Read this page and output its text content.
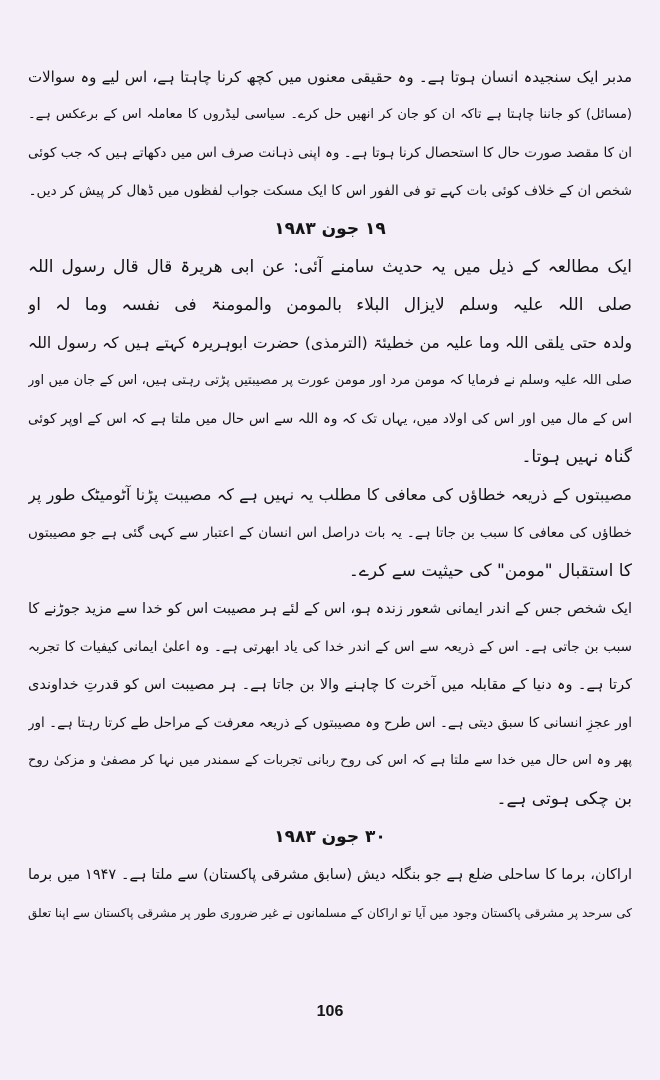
مدبر ایک سنجیدہ انسان ہوتا ہے۔ وہ حقیقی معنوں میں کچھ کرنا چاہتا ہے، اس لیے وہ سوالات
(مسائل) کو جاننا چاہتا ہے تاکہ ان کو جان کر انھیں حل کرے۔ سیاسی لیڈروں کا معاملہ اس کے برعکس ہے۔
ان کا مقصد صورت حال کا استحصال کرنا ہوتا ہے۔ وہ اپنی ذہانت صرف اس میں دکھاتے ہیں کہ جب کوئی
شخص ان کے خلاف کوئی بات کہے تو فی الفور اس کا ایک مسکت جواب لفظوں میں ڈھال کر پیش کر دیں۔
۱۹ جون ۱۹۸۳
ایک مطالعہ کے ذیل میں یہ حدیث سامنے آئی: عن ابی ھریرۃ قال قال رسول اللہ
صلی اللہ علیہ وسلم لایزال البلاء بالمومن والمومنۃ فی نفسہ وما لہ او
ولدہ حتی یلقی اللہ وما علیہ من خطیئۃ (الترمذی) حضرت ابوہریرہ کہتے ہیں کہ رسول اللہ
صلی اللہ علیہ وسلم نے فرمایا کہ مومن مرد اور مومن عورت پر مصیبتیں پڑتی رہتی ہیں، اس کے جان میں اور
اس کے مال میں اور اس کی اولاد میں، یہاں تک کہ وہ اللہ سے اس حال میں ملتا ہے کہ اس کے اوپر کوئی
گناہ نہیں ہوتا۔
مصیبتوں کے ذریعہ خطاؤں کی معافی کا مطلب یہ نہیں ہے کہ مصیبت پڑنا آٹومیٹک طور پر
خطاؤں کی معافی کا سبب بن جاتا ہے۔ یہ بات دراصل اس انسان کے اعتبار سے کہی گئی ہے جو مصیبتوں
کا استقبال "مومن" کی حیثیت سے کرے۔
ایک شخص جس کے اندر ایمانی شعور زندہ ہو، اس کے لئے ہر مصیبت اس کو خدا سے مزید جوڑنے کا
سبب بن جاتی ہے۔ اس کے ذریعہ سے اس کے اندر خدا کی یاد ابھرتی ہے۔ وہ اعلیٰ ایمانی کیفیات کا تجربہ
کرتا ہے۔ وہ دنیا کے مقابلہ میں آخرت کا چاہنے والا بن جاتا ہے۔ ہر مصیبت اس کو قدرتِ خداوندی
اور عجزِ انسانی کا سبق دیتی ہے۔ اس طرح وہ مصیبتوں کے ذریعہ معرفت کے مراحل طے کرتا رہتا ہے۔ اور
پھر وہ اس حال میں خدا سے ملتا ہے کہ اس کی روح ربانی تجربات کے سمندر میں نہا کر مصفیٰ و مزکیٰ روح
بن چکی ہوتی ہے۔
۳۰ جون ۱۹۸۳
اراکان، برما کا ساحلی ضلع ہے جو بنگلہ دیش (سابق مشرقی پاکستان) سے ملتا ہے۔ ۱۹۴۷ میں برما
کی سرحد پر مشرقی پاکستان وجود میں آیا تو اراکان کے مسلمانوں نے غیر ضروری طور پر مشرقی پاکستان سے اپنا تعلق
106
